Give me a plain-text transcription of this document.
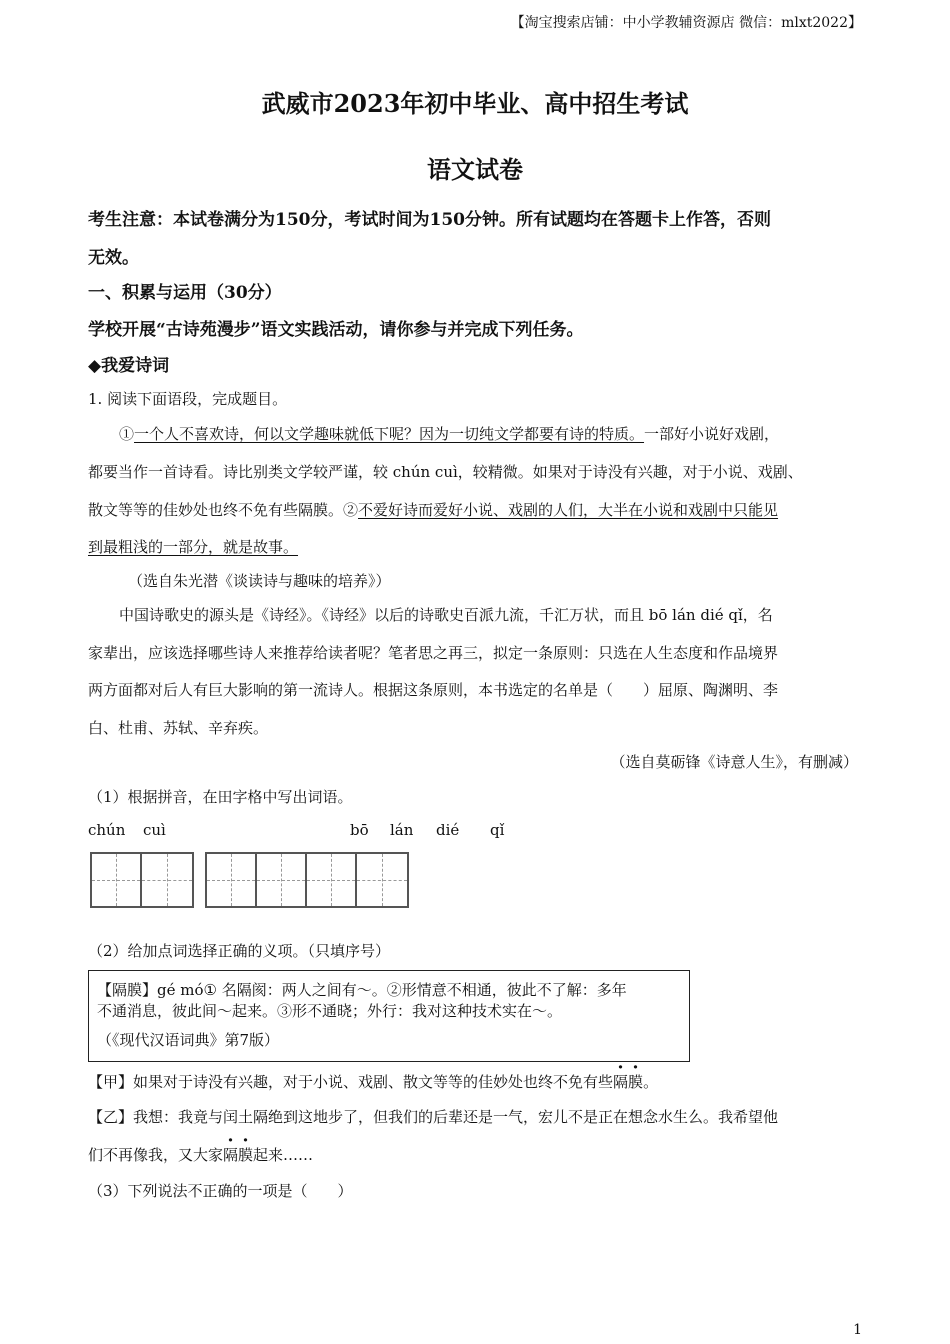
【淘宝搜索店铺：中小学教辅资源店 微信：mlxt2022】
武威市2023年初中毕业、高中招生考试
语文试卷
考生注意：本试卷满分为150分，考试时间为150分钟。所有试题均在答题卡上作答，否则
无效。
一、积累与运用（30分）
学校开展“古诗苑漫步”语文实践活动，请你参与并完成下列任务。
◆我爱诗词
1. 阅读下面语段，完成题目。
①一个人不喜欢诗，何以文学趣味就低下呢？因为一切纯文学都要有诗的特质。一部好小说好戏剧，
都要当作一首诗看。诗比别类文学较严谨，较 chún cuì，较精微。如果对于诗没有兴趣，对于小说、戏剧、
散文等等的佳妙处也终不免有些隔膜。②不爱好诗而爱好小说、戏剧的人们，大半在小说和戏剧中只能见
到最粗浅的一部分，就是故事。
（选自朱光潜《谈读诗与趣味的培养》）
中国诗歌史的源头是《诗经》。《诗经》以后的诗歌史百派九流，千汇万状，而且 bō lán dié qǐ，名
家辈出，应该选择哪些诗人来推荐给读者呢？笔者思之再三，拟定一条原则：只选在人生态度和作品境界
两方面都对后人有巨大影响的第一流诗人。根据这条原则，本书选定的名单是（　　）屈原、陶渊明、李
白、杜甫、苏轼、辛弃疾。
（选自莫砺锋《诗意人生》，有删减）
（1）根据拼音，在田字格中写出词语。
chún cuì	bō lán dié qǐ
（2）给加点词选择正确的义项。（只填序号）
【隔膜】gé mó① 名隔阂：两人之间有～。②形情意不相通，彼此不了解：多年
不通消息，彼此间～起来。③形不通晓；外行：我对这种技术实在～。
（《现代汉语词典》第7版）
【甲】如果对于诗没有兴趣，对于小说、戏剧、散文等等的佳妙处也终不免有些隔膜。
【乙】我想：我竟与闰土隔绝到这地步了，但我们的后辈还是一气，宏儿不是正在想念水生么。我希望他
们不再像我，又大家隔膜起来……
（3）下列说法不正确的一项是（　　）
1
